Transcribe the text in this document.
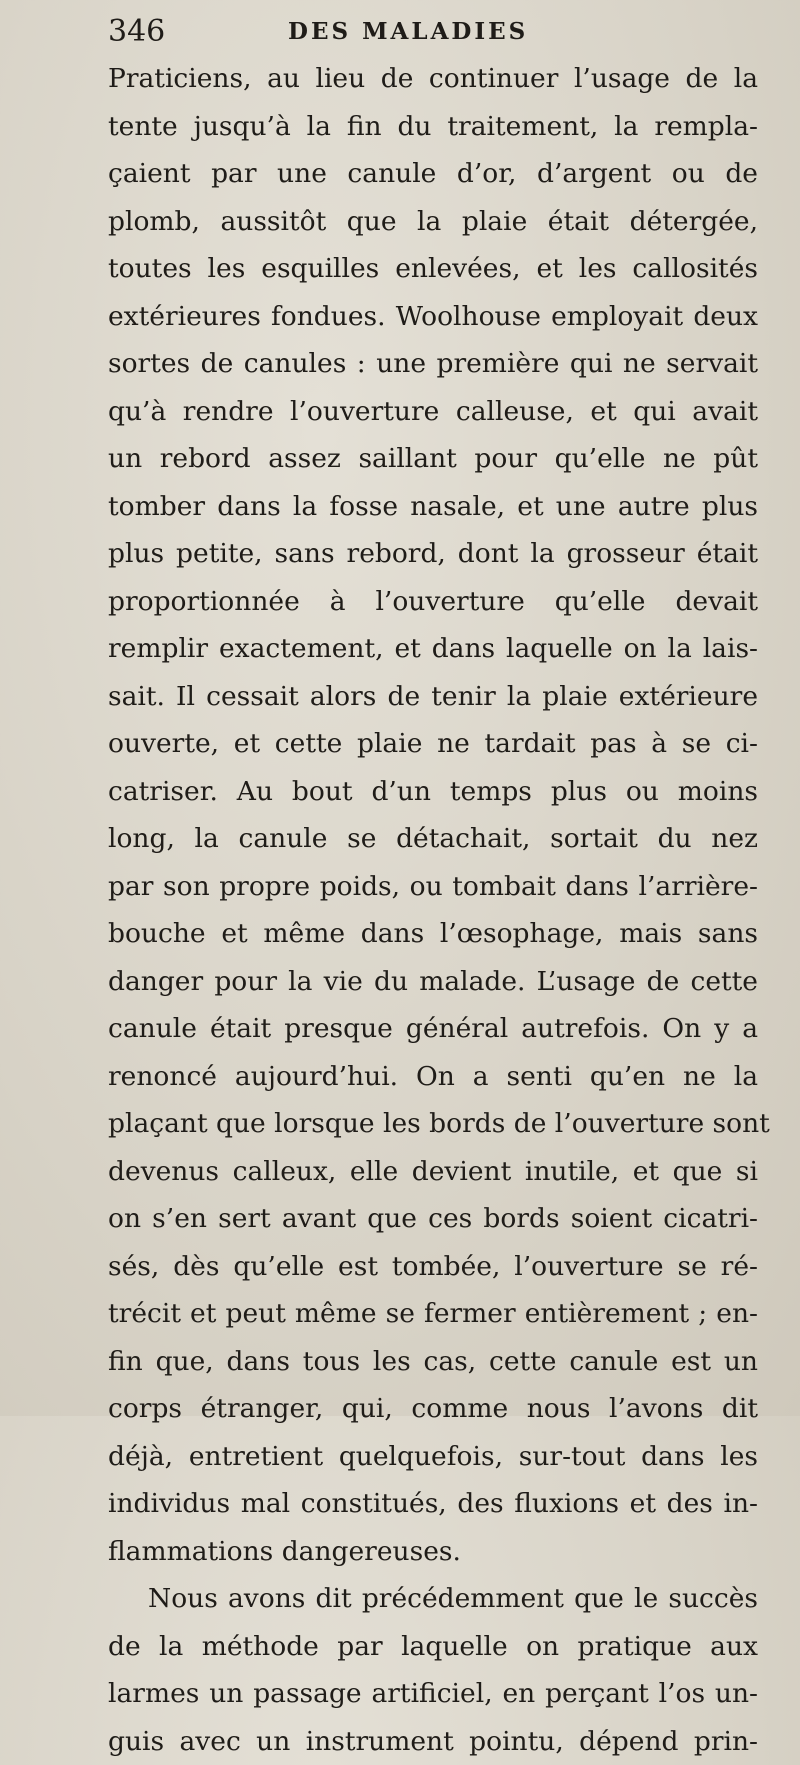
346	DES MALADIES
Praticiens, au lieu de continuer l’usage de la
tente jusqu’à la fin du traitement, la rempla-
çaient par une canule d’or, d’argent ou de
plomb, aussitôt que la plaie était détergée,
toutes les esquilles enlevées, et les callosités
extérieures fondues. Woolhouse employait deux
sortes de canules : une première qui ne servait
qu’à rendre l’ouverture calleuse, et qui avait
un rebord assez saillant pour qu’elle ne pût
tomber dans la fosse nasale, et une autre plus
plus petite, sans rebord, dont la grosseur était
proportionnée à l’ouverture qu’elle devait
remplir exactement, et dans laquelle on la lais-
sait. Il cessait alors de tenir la plaie extérieure
ouverte, et cette plaie ne tardait pas à se ci-
catriser. Au bout d’un temps plus ou moins
long, la canule se détachait, sortait du nez
par son propre poids, ou tombait dans l’arrière-
bouche et même dans l’œsophage, mais sans
danger pour la vie du malade. L’usage de cette
canule était presque général autrefois. On y a
renoncé aujourd’hui. On a senti qu’en ne la
plaçant que lorsque les bords de l’ouverture sont
devenus calleux, elle devient inutile, et que si
on s’en sert avant que ces bords soient cicatri-
sés, dès qu’elle est tombée, l’ouverture se ré-
trécit et peut même se fermer entièrement ; en-
fin que, dans tous les cas, cette canule est un
corps étranger, qui, comme nous l’avons dit
déjà, entretient quelquefois, sur-tout dans les
individus mal constitués, des fluxions et des in-
flammations dangereuses.
Nous avons dit précédemment que le succès
de la méthode par laquelle on pratique aux
larmes un passage artificiel, en perçant l’os un-
guis avec un instrument pointu, dépend prin-
